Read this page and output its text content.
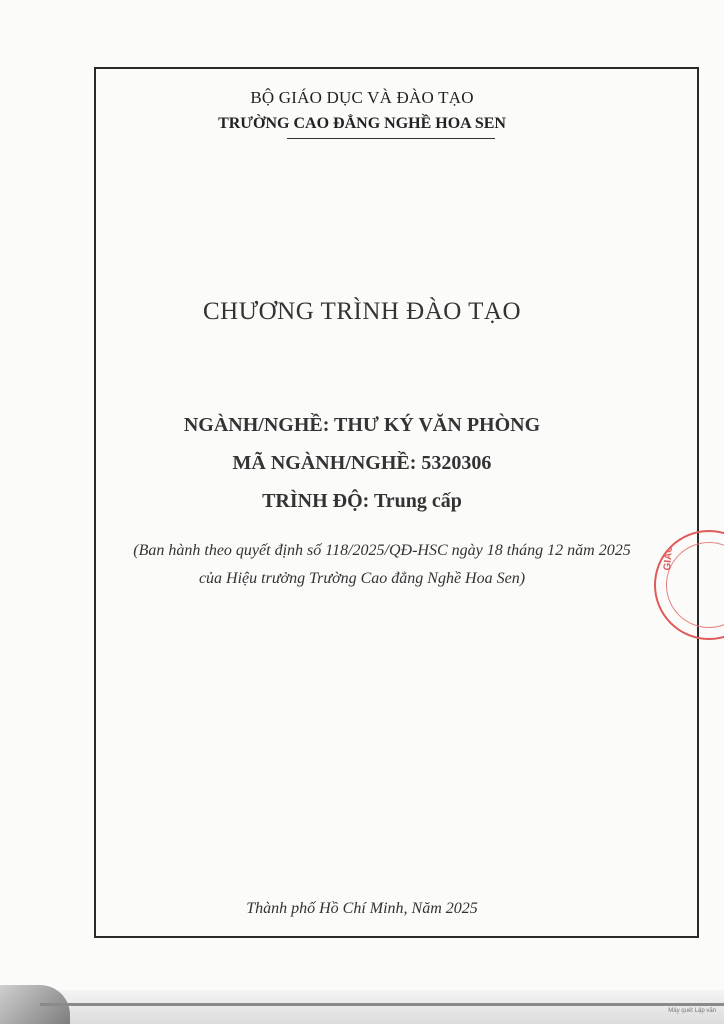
BỘ GIÁO DỤC VÀ ĐÀO TẠO
TRƯỜNG CAO ĐẲNG NGHỀ HOA SEN
CHƯƠNG TRÌNH ĐÀO TẠO
NGÀNH/NGHỀ: THƯ KÝ VĂN PHÒNG
MÃ NGÀNH/NGHỀ: 5320306
TRÌNH ĐỘ: Trung cấp
(Ban hành theo quyết định số 118/2025/QĐ-HSC ngày 18 tháng 12 năm 2025
của Hiệu trưởng Trường Cao đẳng Nghề Hoa Sen)
Thành phố Hồ Chí Minh, Năm 2025
GIÁO
Máy quét Lập văn
